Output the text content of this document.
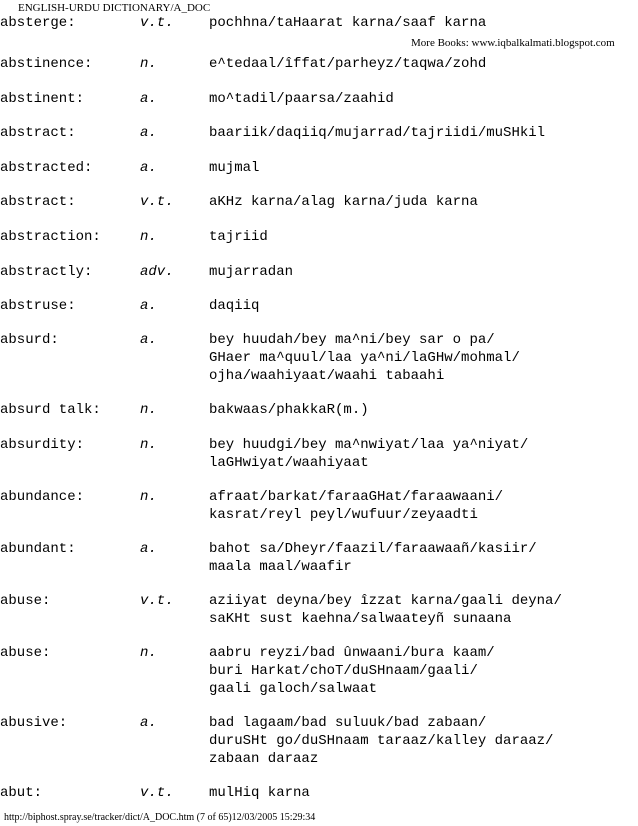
ENGLISH-URDU DICTIONARY/A_DOC
More Books: www.iqbalkalmati.blogspot.com
absterge:	v.t.	pochhna/taHaarat karna/saaf karna
abstinence:	n.	e^tedaal/îffat/parheyz/taqwa/zohd
abstinent:	a.	mo^tadil/paarsa/zaahid
abstract:	a.	baariik/daqiiq/mujarrad/tajriidi/muSHkil
abstracted:	a.	mujmal
abstract:	v.t.	aKHz karna/alag karna/juda karna
abstraction:	n.	tajriid
abstractly:	adv.	mujarradan
abstruse:	a.	daqiiq
absurd:	a.	bey huudah/bey ma^ni/bey sar o pa/
GHaer ma^quul/laa ya^ni/laGHw/mohmal/
ojha/waahiyaat/waahi tabaahi
absurd talk:	n.	bakwaas/phakkaR(m.)
absurdity:	n.	bey huudgi/bey ma^nwiyat/laa ya^niyat/
laGHwiyat/waahiyaat
abundance:	n.	afraat/barkat/faraaGHat/faraawaani/
kasrat/reyl peyl/wufuur/zeyaadti
abundant:	a.	bahot sa/Dheyr/faazil/faraawaañ/kasiir/
maala maal/waafir
abuse:	v.t.	aziiyat deyna/bey îzzat karna/gaali deyna/
saKHt sust kaehna/salwaateyñ sunaana
abuse:	n.	aabru reyzi/bad ûnwaani/bura kaam/
buri Harkat/choT/duSHnaam/gaali/
gaali galoch/salwaat
abusive:	a.	bad lagaam/bad suluuk/bad zabaan/
duruSHt go/duSHnaam taraaz/kalley daraaz/
zabaan daraaz
abut:	v.t.	mulHiq karna
http://biphost.spray.se/tracker/dict/A_DOC.htm (7 of 65)12/03/2005 15:29:34
